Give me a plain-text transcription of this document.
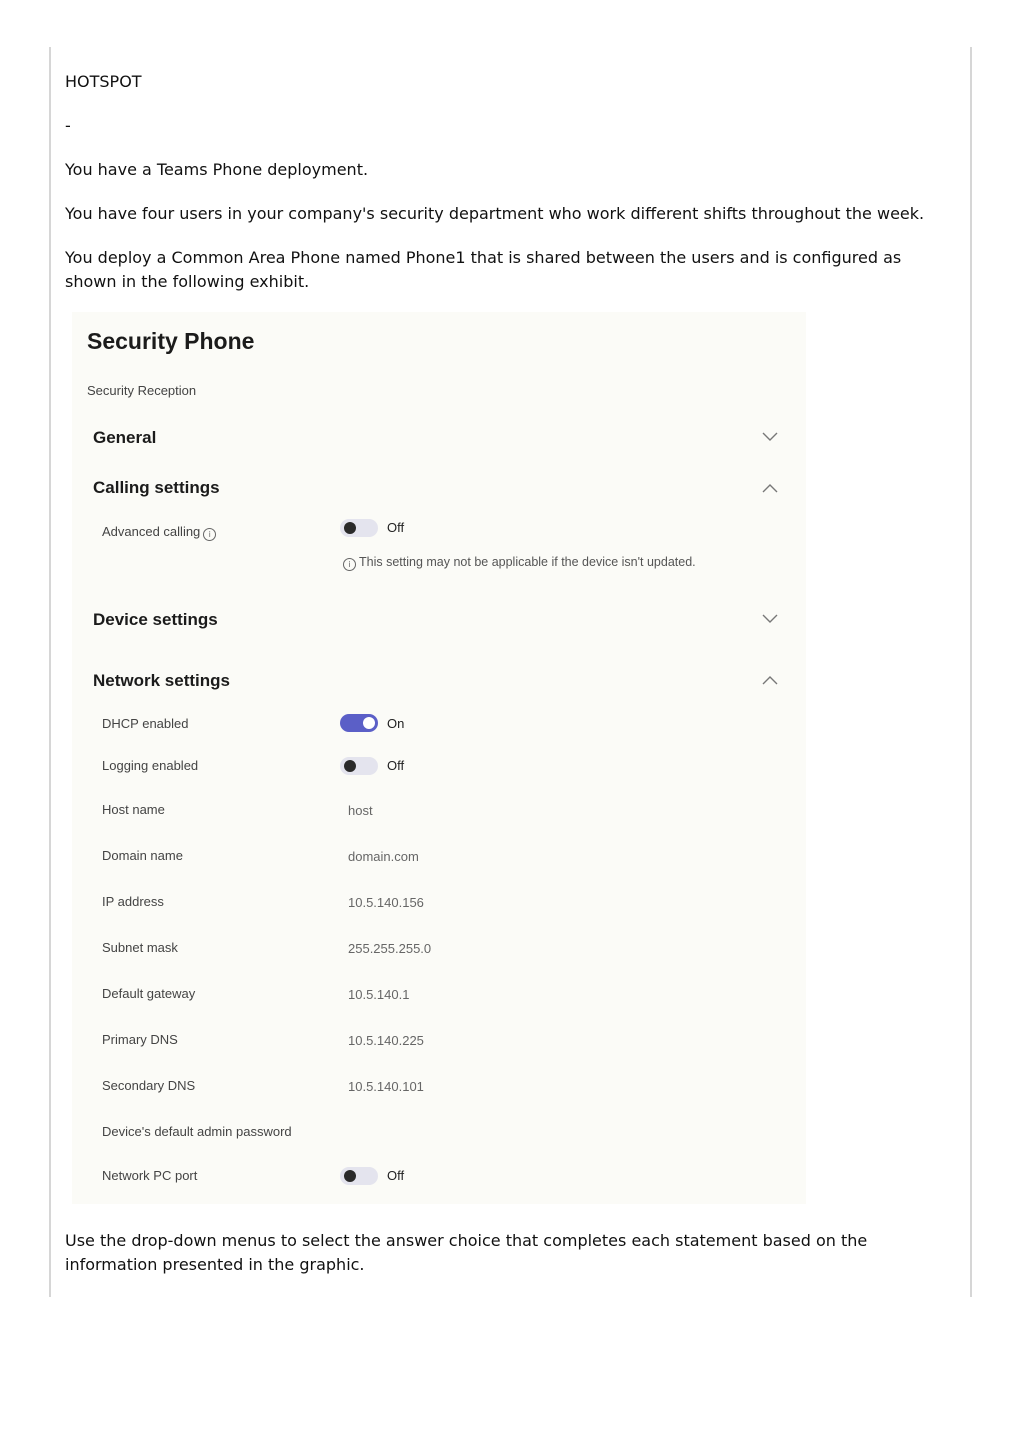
HOTSPOT
-
You have a Teams Phone deployment.
You have four users in your company's security department who work different shifts throughout the week.
You deploy a Common Area Phone named Phone1 that is shared between the users and is configured as shown in the following exhibit.
Security Phone
Security Reception
General
Calling settings
Advanced calling i	Off
i This setting may not be applicable if the device isn't updated.
Device settings
Network settings
DHCP enabled	On
Logging enabled	Off
Host name	host
Domain name	domain.com
IP address	10.5.140.156
Subnet mask	255.255.255.0
Default gateway	10.5.140.1
Primary DNS	10.5.140.225
Secondary DNS	10.5.140.101
Device's default admin password
Network PC port	Off
Use the drop-down menus to select the answer choice that completes each statement based on the information presented in the graphic.
